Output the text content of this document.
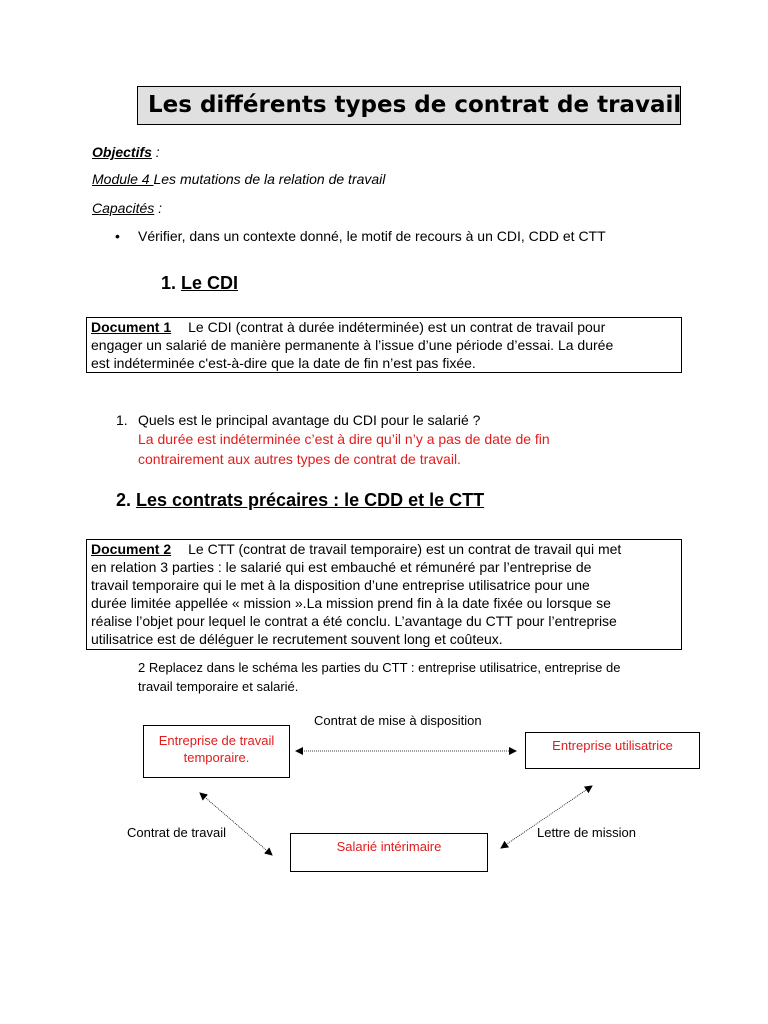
Les différents types de contrat de travail
Objectifs :
Module 4 Les mutations de la relation de travail
Capacités :
• Vérifier, dans un contexte donné, le motif de recours à un CDI, CDD et CTT
1. Le CDI
Document 1 Le CDI (contrat à durée indéterminée) est un contrat de travail pour
engager un salarié de manière permanente à l’issue d’une période d’essai. La durée
est indéterminée c'est-à-dire que la date de fin n’est pas fixée.
1. Quels est le principal avantage du CDI pour le salarié ?
La durée est indéterminée c’est à dire qu’il n’y a pas de date de fin
contrairement aux autres types de contrat de travail.
2. Les contrats précaires : le CDD et le CTT
Document 2 Le CTT (contrat de travail temporaire) est un contrat de travail qui met
en relation 3 parties : le salarié qui est embauché et rémunéré par l’entreprise de
travail temporaire qui le met à la disposition d’une entreprise utilisatrice pour une
durée limitée appellée « mission ».La mission prend fin à la date fixée ou lorsque se
réalise l’objet pour lequel le contrat a été conclu. L’avantage du CTT pour l’entreprise
utilisatrice est de déléguer le recrutement souvent long et coûteux.
2 Replacez dans le schéma les parties du CTT : entreprise utilisatrice, entreprise de
travail temporaire et salarié.
Entreprise de travail
temporaire.
Entreprise utilisatrice
Salarié intérimaire
Contrat de mise à disposition
Contrat de travail	Lettre de mission
